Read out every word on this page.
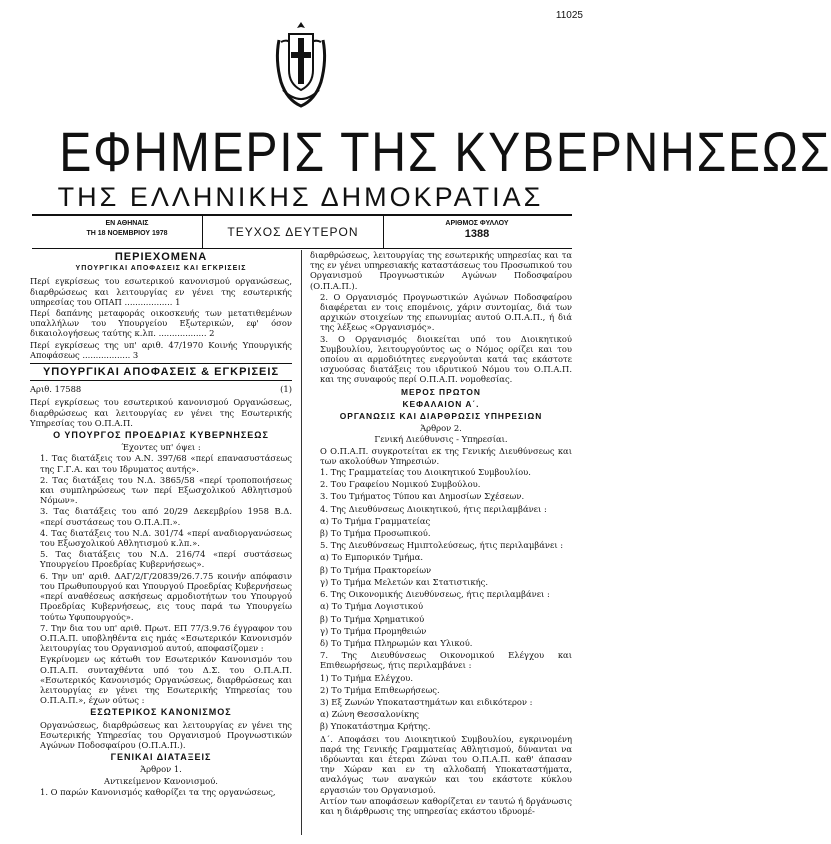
11025
ΕΦΗΜΕΡΙΣ ΤΗΣ ΚΥΒΕΡΝΗΣΕΩΣ
ΤΗΣ ΕΛΛΗΝΙΚΗΣ ΔΗΜΟΚΡΑΤΙΑΣ
ΕΝ ΑΘΗΝΑΙΣ
ΤΗ 18 ΝΟΕΜΒΡΙΟΥ 1978	ΤΕΥΧΟΣ ΔΕΥΤΕΡΟΝ
ΑΡΙΘΜΟΣ ΦΥΛΛΟΥ
1388
ΠΕΡΙΕΧΟΜΕΝΑ
ΥΠΟΥΡΓΙΚΑΙ ΑΠΟΦΑΣΕΙΣ ΚΑΙ ΕΓΚΡΙΣΕΙΣ

Περί εγκρίσεως του εσωτερικού κανονισμού οργανώσεως, διαρθρώσεως και λειτουργίας εν γένει της εσωτερικής υπηρεσίας του ΟΠΑΠ .................. 1

Περί δαπάνης μεταφοράς οικοσκευής των μετατιθεμένων υπαλλήλων του Υπουργείου Εξωτερικών, εφ' όσον δικαιολογήσεως ταύτης κ.λπ. .................. 2

Περί εγκρίσεως της υπ' αριθ. 47/1970 Κοινής Υπουργικής Αποφάσεως .................. 3

ΥΠΟΥΡΓΙΚΑΙ ΑΠΟΦΑΣΕΙΣ & ΕΓΚΡΙΣΕΙΣ
Αριθ. 17588	(1)

Περί εγκρίσεως του εσωτερικού κανονισμού Οργανώσεως, διαρθρώσεως και λειτουργίας εν γένει της Εσωτερικής Υπηρεσίας του Ο.Π.Α.Π.

Ο ΥΠΟΥΡΓΟΣ ΠΡΟΕΔΡΙΑΣ ΚΥΒΕΡΝΗΣΕΩΣ

Έχοντες υπ' όψει :

1. Τας διατάξεις του Α.Ν. 397/68 «περί επανασυστάσεως της Γ.Γ.Α. και του Ιδρυματος αυτής».

2. Τας διατάξεις του Ν.Δ. 3865/58 «περί τροποποιήσεως και συμπληρώσεως των περί Εξωσχολικού Αθλητισμού Νόμων».

3. Τας διατάξεις του από 20/29 Δεκεμβρίου 1958 Β.Δ. «περί συστάσεως του Ο.Π.Α.Π.».

4. Τας διατάξεις του Ν.Δ. 301/74 «περί αναδιοργανώσεως του Εξωσχολικού Αθλητισμού κ.λπ.».

5. Τας διατάξεις του Ν.Δ. 216/74 «περί συστάσεως Υπουργείου Προεδρίας Κυβερνήσεως».

6. Την υπ' αριθ. ΔΑΓ/2/Γ/20839/26.7.75 κοινήν απόφασιν του Πρωθυπουργού και Υπουργού Προεδρίας Κυβερνήσεως «περί αναθέσεως ασκήσεως αρμοδιοτήτων του Υπουργού Προεδρίας Κυβερνήσεως, εις τους παρά τω Υπουργείω τούτω Υφυπουργούς».

7. Την δια του υπ' αριθ. Πρωτ. ΕΠ 77/3.9.76 έγγραφον του Ο.Π.Α.Π. υποβληθέντα εις ημάς «Εσωτερικόν Κανονισμόν λειτουργίας του Οργανισμού αυτού, αποφασίζομεν :

Εγκρίνομεν ως κάτωθι τον Εσωτερικόν Κανονισμόν του Ο.Π.Α.Π. συνταχθέντα υπό του Δ.Σ. του Ο.Π.Α.Π. «Εσωτερικός Κανονισμός Οργανώσεως, διαρθρώσεως και λειτουργίας εν γένει της Εσωτερικής Υπηρεσίας του Ο.Π.Α.Π.», έχων ούτως :

ΕΣΩΤΕΡΙΚΟΣ ΚΑΝΟΝΙΣΜΟΣ

Οργανώσεως, διαρθρώσεως και λειτουργίας εν γένει της Εσωτερικής Υπηρεσίας του Οργανισμού Προγνωστικών Αγώνων Ποδοσφαίρου (Ο.Π.Α.Π.).

ΓΕΝΙΚΑΙ ΔΙΑΤΑΞΕΙΣ

Άρθρον 1.

Αντικείμενον Κανονισμού.

1. Ο παρών Κανονισμός καθορίζει τα της οργανώσεως,

διαρθρώσεως, λειτουργίας της εσωτερικής υπηρεσίας και τα της εν γένει υπηρεσιακής καταστάσεως του Προσωπικού του Οργανισμού Προγνωστικών Αγώνων Ποδοσφαίρου (Ο.Π.Α.Π.).

2. Ο Οργανισμός Προγνωστικών Αγώνων Ποδοσφαίρου διαφέρεται εν τοις επομένοις, χάριν συντομίας, διά των αρχικών στοιχείων της επωνυμίας αυτού Ο.Π.Α.Π., ή διά της λέξεως «Οργανισμός».

3. Ο Οργανισμός διοικείται υπό του Διοικητικού Συμβουλίου, λειτουργούντος ως ο Νόμος ορίζει και του οποίου αι αρμοδιότητες ενεργούνται κατά τας εκάστοτε ισχυούσας διατάξεις του ιδρυτικού Νόμου του Ο.Π.Α.Π. και της συναφούς περί Ο.Π.Α.Π. νομοθεσίας.

ΜΕΡΟΣ ΠΡΩΤΟΝ
ΚΕΦΑΛΑΙΟΝ Α΄.
ΟΡΓΑΝΩΣΙΣ ΚΑΙ ΔΙΑΡΘΡΩΣΙΣ ΥΠΗΡΕΣΙΩΝ

Άρθρον 2.

Γενική Διεύθυνσις - Υπηρεσίαι.

Ο Ο.Π.Α.Π. συγκροτείται εκ της Γενικής Διευθύνσεως και των ακολούθων Υπηρεσιών.

1. Της Γραμματείας του Διοικητικού Συμβουλίου.

2. Του Γραφείου Νομικού Συμβούλου.

3. Του Τμήματος Τύπου και Δημοσίων Σχέσεων.

4. Της Διευθύνσεως Διοικητικού, ήτις περιλαμβάνει :

α) Το Τμήμα Γραμματείας

β) Το Τμήμα Προσωπικού.

5. Της Διευθύνσεως Ημιπτολεύσεως, ήτις περιλαμβάνει :

α) Το Εμπορικόν Τμήμα.

β) Το Τμήμα Πρακτορείων

γ) Το Τμήμα Μελετών και Στατιστικής.

6. Της Οικονομικής Διευθύνσεως, ήτις περιλαμβάνει :

α) Το Τμήμα Λογιστικού

β) Το Τμήμα Χρηματικού

γ) Το Τμήμα Προμηθειών

δ) Το Τμήμα Πληρωμών και Υλικού.

7. Της Διευθύνσεως Οικονομικού Ελέγχου και Επιθεωρήσεως, ήτις περιλαμβάνει :

1) Το Τμήμα Ελέγχου.

2) Το Τμήμα Επιθεωρήσεως.

3) Εξ Ζωνών Υποκαταστημάτων και ειδικότερον :

α) Ζώνη Θεσσαλονίκης

β) Υποκατάστημα Κρήτης.

Δ΄. Αποφάσει του Διοικητικού Συμβουλίου, εγκρινομένη παρά της Γενικής Γραμματείας Αθλητισμού, δύνανται να ιδρύωνται και έτεραι Ζώναι του Ο.Π.Α.Π. καθ' άπασαν την Χώραν και εν τη αλλοδαπή Υποκαταστήματα, αναλόγως των αναγκών και του εκάστοτε κύκλου εργασιών του Οργανισμού.

Αιτίον των αποφάσεων καθορίζεται εν ταυτώ ή δργάνωσις και η διάρθρωσις της υπηρεσίας εκάστου ιδρυομέ-
